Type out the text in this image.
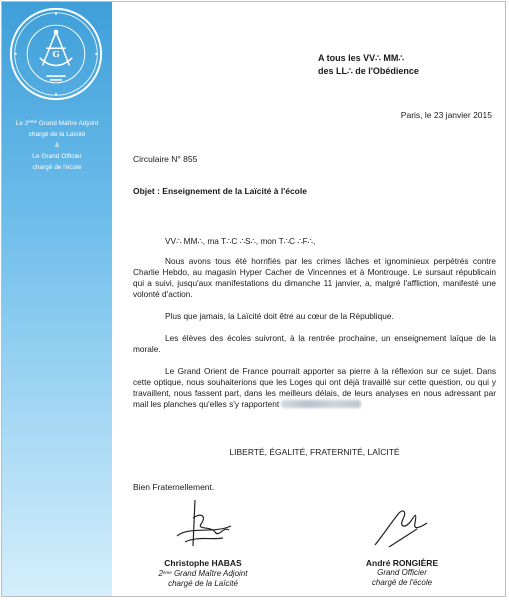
G
Le 2ème Grand Maître Adjoint
chargé de la Laïcité
&
Le Grand Officier
chargé de l'école
A tous les VV∴ MM∴
des LL∴ de l'Obédience
Paris, le 23 janvier 2015
Circulaire N° 855
Objet : Enseignement de la Laïcité à l'école

VV∴ MM∴, ma T∴C ∴S∴, mon T∴C ∴F∴,

Nous avons tous été horrifiés par les crimes lâches et ignominieux perpétrés contre Charlie Hebdo, au magasin Hyper Cacher de Vincennes et à Montrouge. Le sursaut républicain qui a suivi, jusqu'aux manifestations du dimanche 11 janvier, a, malgré l'affliction, manifesté une volonté d'action.

Plus que jamais, la Laïcité doit être au cœur de la République.

Les élèves des écoles suivront, à la rentrée prochaine, un enseignement laïque de la morale.

Le Grand Orient de France pourrait apporter sa pierre à la réflexion sur ce sujet. Dans cette optique, nous souhaiterions que les Loges qui ont déjà travaillé sur cette question, ou qui y travaillent, nous fassent part, dans les meilleurs délais, de leurs analyses en nous adressant par mail les planches qu'elles s'y rapportent

LIBERTÉ, ÉGALITÉ, FRATERNITÉ, LAÏCITÉ
Bien Fraternellement.
Christophe HABAS
2ème Grand Maître Adjoint
chargé de la Laïcité
André RONGIÈRE
Grand Officier
chargé de l'école
